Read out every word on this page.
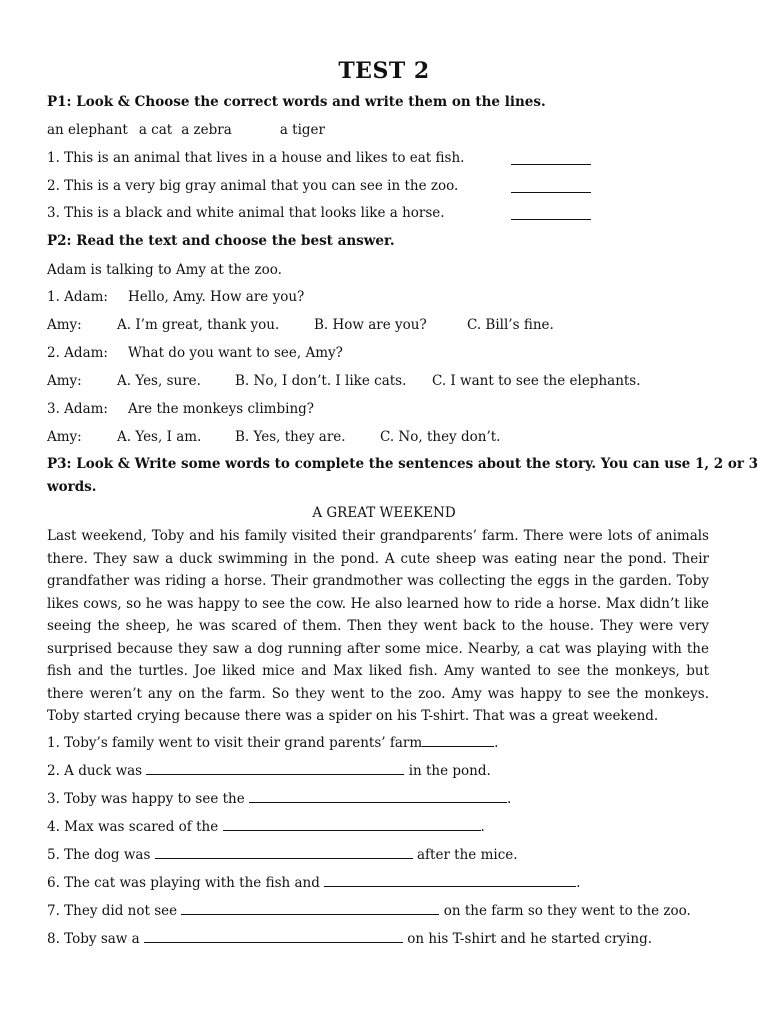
TEST 2
P1: Look & Choose the correct words and write them on the lines.
an elephant a cat a zebra	a tiger
1. This is an animal that lives in a house and likes to eat fish.
2. This is a very big gray animal that you can see in the zoo.
3. This is a black and white animal that looks like a horse.
P2: Read the text and choose the best answer.
Adam is talking to Amy at the zoo.
1. Adam: Hello, Amy. How are you?
Amy:	A. I’m great, thank you.	B. How are you?	C. Bill’s fine.
2. Adam: What do you want to see, Amy?
Amy:	A. Yes, sure.	B. No, I don’t. I like cats. C. I want to see the elephants.
3. Adam: Are the monkeys climbing?
Amy:	A. Yes, I am. B. Yes, they are.	C. No, they don’t.
P3: Look & Write some words to complete the sentences about the story. You can use 1, 2 or 3
words.
A GREAT WEEKEND
Last weekend, Toby and his family visited their grandparents’ farm. There were lots of animals there. They saw a duck swimming in the pond. A cute sheep was eating near the pond. Their grandfather was riding a horse. Their grandmother was collecting the eggs in the garden. Toby likes cows, so he was happy to see the cow. He also learned how to ride a horse. Max didn’t like seeing the sheep, he was scared of them. Then they went back to the house. They were very surprised because they saw a dog running after some mice. Nearby, a cat was playing with the fish and the turtles. Joe liked mice and Max liked fish. Amy wanted to see the monkeys, but there weren’t any on the farm. So they went to the zoo. Amy was happy to see the monkeys. Toby started crying because there was a spider on his T-shirt. That was a great weekend.
1. Toby’s family went to visit their grand parents’ farm	.
2. A duck was	in the pond.
3. Toby was happy to see the	.
4. Max was scared of the	.
5. The dog was	after the mice.
6. The cat was playing with the fish and	.
7. They did not see	on the farm so they went to the zoo.
8. Toby saw a	on his T-shirt and he started crying.
